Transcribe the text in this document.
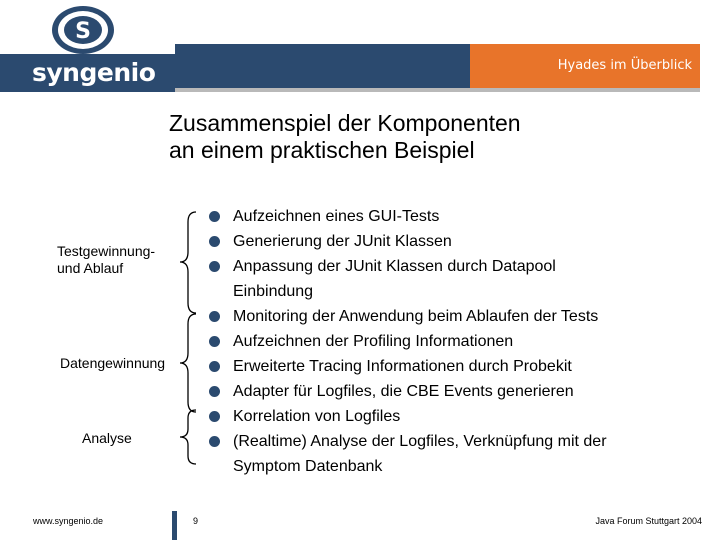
S
syngenio	Hyades im Überblick
Zusammenspiel der Komponenten
an einem praktischen Beispiel
Testgewinnung-
und Ablauf
Datengewinnung
Analyse
Aufzeichnen eines GUI-Tests
Generierung der JUnit Klassen
Anpassung der JUnit Klassen durch Datapool
Einbindung
Monitoring der Anwendung beim Ablaufen der Tests
Aufzeichnen der Profiling Informationen
Erweiterte Tracing Informationen durch Probekit
Adapter für Logfiles, die CBE Events generieren
Korrelation von Logfiles
(Realtime) Analyse der Logfiles, Verknüpfung mit der
Symptom Datenbank
www.syngenio.de	9	Java Forum Stuttgart 2004
